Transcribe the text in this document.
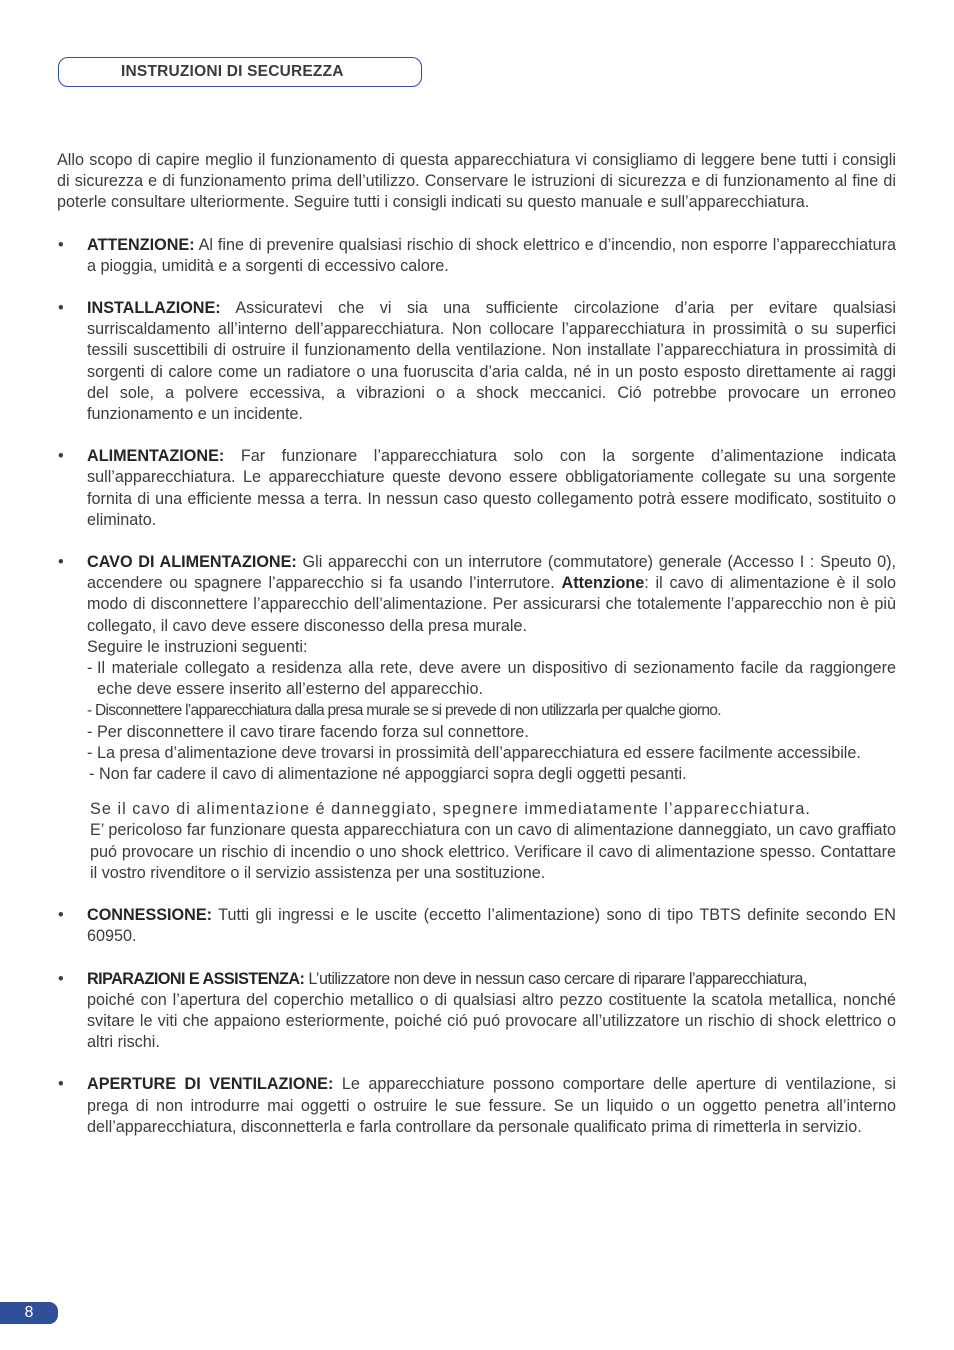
INSTRUZIONI DI SECUREZZA

Allo scopo di capire meglio il funzionamento di questa apparecchiatura vi consigliamo di leggere bene tutti i consigli di sicurezza e di funzionamento prima dell’utilizzo. Conservare le istruzioni di sicurezza e di funzionamento al fine di poterle consultare ulteriormente. Seguire tutti i consigli indicati su questo manuale e sull’apparecchiatura.

• ATTENZIONE: Al fine di prevenire qualsiasi rischio di shock elettrico e d’incendio, non esporre l’apparecchiatura a pioggia, umidità e a sorgenti di eccessivo calore.

• INSTALLAZIONE: Assicuratevi che vi sia una sufficiente circolazione d’aria per evitare qualsiasi surriscaldamento all’interno dell’apparecchiatura. Non collocare l’apparecchiatura in prossimità o su superfici tessili suscettibili di ostruire il funzionamento della ventilazione. Non installate l’apparecchiatura in prossimità di sorgenti di calore come un radiatore o una fuoruscita d’aria calda, né in un posto esposto direttamente ai raggi del sole, a polvere eccessiva, a vibrazioni o a shock meccanici. Ció potrebbe provocare un erroneo funzionamento e un incidente.

• ALIMENTAZIONE: Far funzionare l’apparecchiatura solo con la sorgente d’alimentazione indicata sull’apparecchiatura. Le apparecchiature queste devono essere obbligatoriamente collegate su una sorgente fornita di una efficiente messa a terra. In nessun caso questo collegamento potrà essere modificato, sostituito o eliminato.

• CAVO DI ALIMENTAZIONE: Gli apparecchi con un interrutore (commutatore) generale (Accesso I : Speuto 0), accendere ou spagnere l’apparecchio si fa usando l’interrutore. Attenzione: il cavo di alimentazione è il solo modo di disconnettere l’apparecchio dell’alimentazione. Per assicurarsi che totalemente l’apparecchio non è più collegato, il cavo deve essere disconesso della presa murale.

Seguire le instruzioni seguenti:

- Il materiale collegato a residenza alla rete, deve avere un dispositivo di sezionamento facile da raggiongere eche deve essere inserito all’esterno del apparecchio.
- Disconnettere l’apparecchiatura dalla presa murale se si prevede di non utilizzarla per qualche giorno.
- Per disconnettere il cavo tirare facendo forza sul connettore.
- La presa d’alimentazione deve trovarsi in prossimità dell’apparecchiatura ed essere facilmente accessibile.
- Non far cadere il cavo di alimentazione né appoggiarci sopra degli oggetti pesanti.

Se il cavo di alimentazione é danneggiato, spegnere immediatamente l’apparecchiatura.
E’ pericoloso far funzionare questa apparecchiatura con un cavo di alimentazione danneggiato, un cavo graffiato puó provocare un rischio di incendio o uno shock elettrico. Verificare il cavo di alimentazione spesso. Contattare il vostro rivenditore o il servizio assistenza per una sostituzione.

• CONNESSIONE: Tutti gli ingressi e le uscite (eccetto l’alimentazione) sono di tipo TBTS definite secondo EN 60950.

• RIPARAZIONI E ASSISTENZA: L’utilizzatore non deve in nessun caso cercare di riparare l’apparecchiatura,
poiché con l’apertura del coperchio metallico o di qualsiasi altro pezzo costituente la scatola metallica, nonché svitare le viti che appaiono esteriormente, poiché ció puó provocare all’utilizzatore un rischio di shock elettrico o altri rischi.

• APERTURE DI VENTILAZIONE: Le apparecchiature possono comportare delle aperture di ventilazione, si prega di non introdurre mai oggetti o ostruire le sue fessure. Se un liquido o un oggetto penetra all’interno dell’apparecchiatura, disconnetterla e farla controllare da personale qualificato prima di rimetterla in servizio.

8
